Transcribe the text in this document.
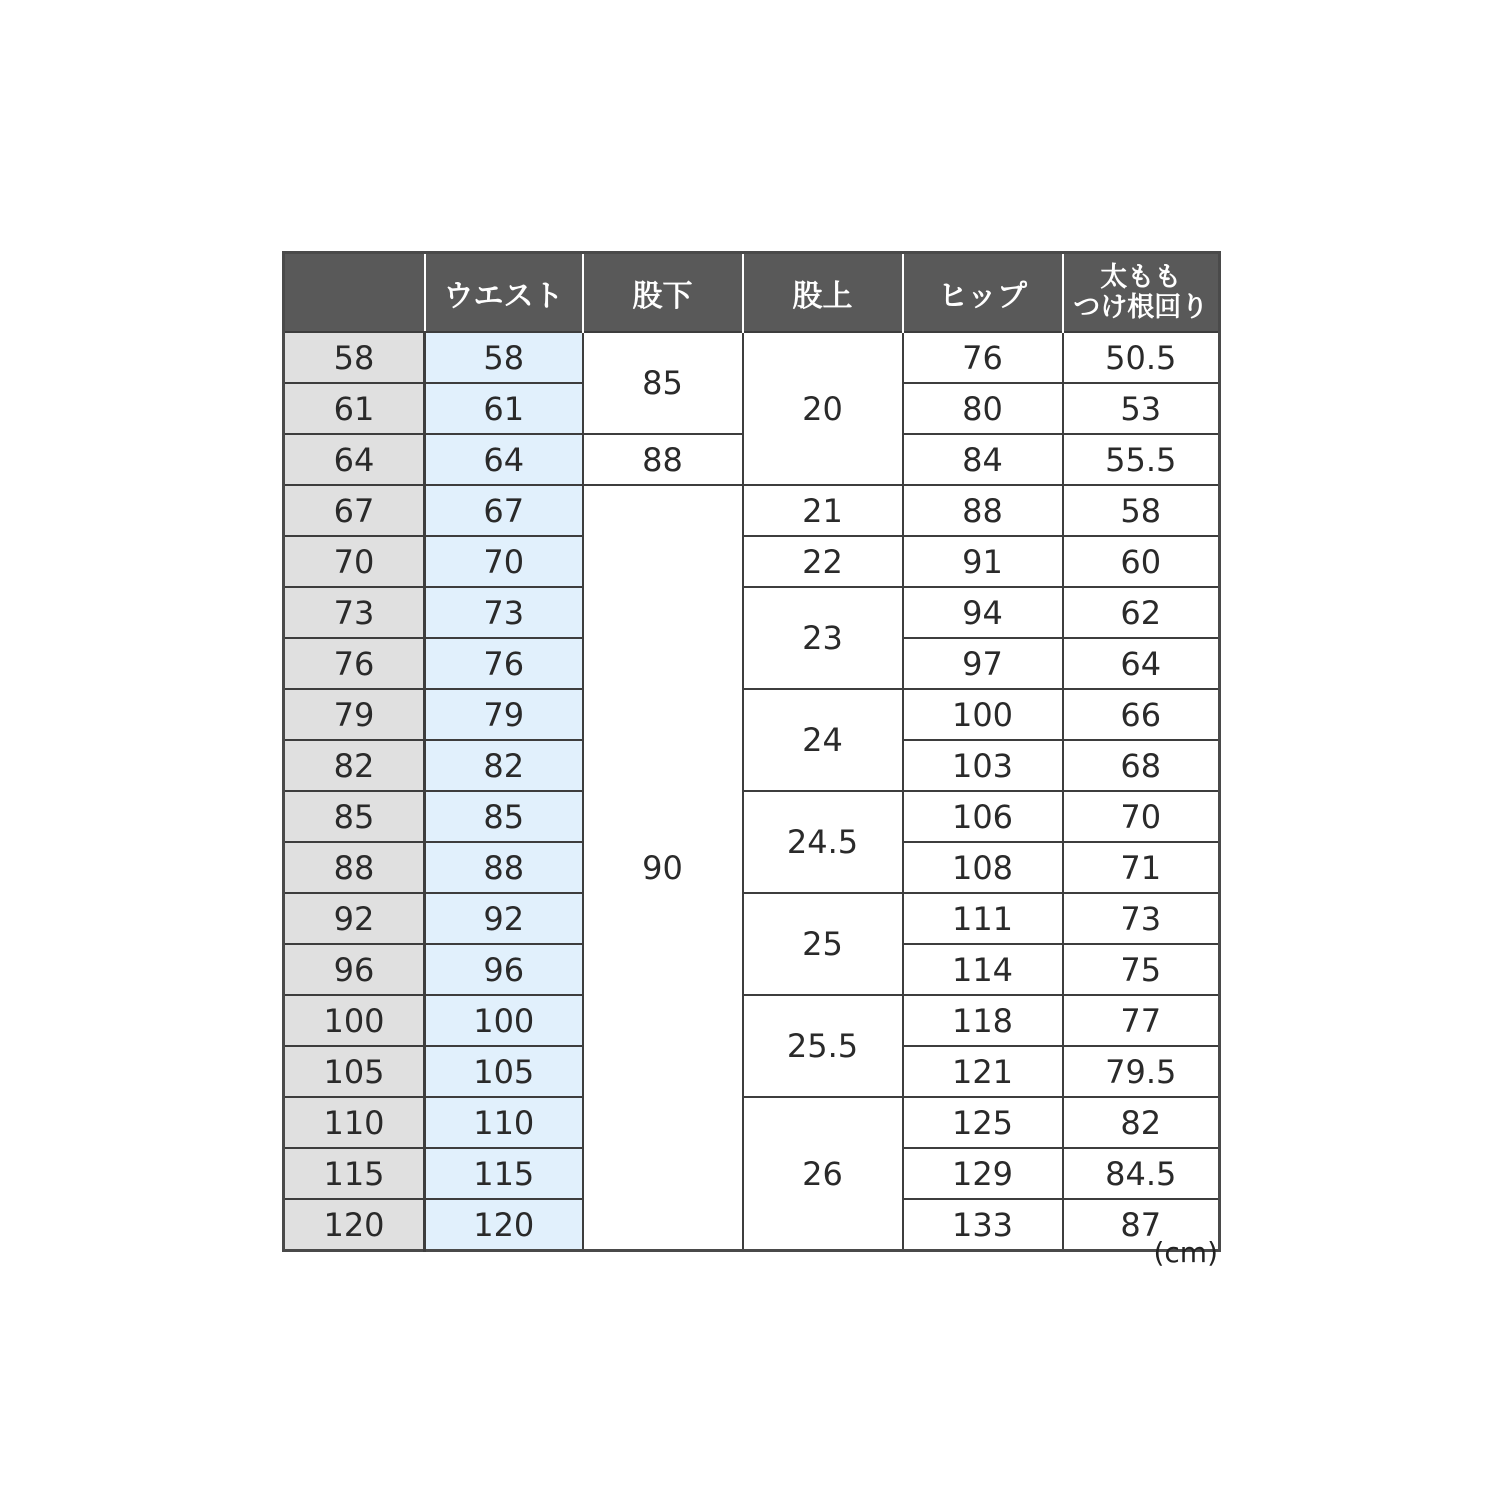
	ウエスト	股下	股上	ヒップ	太もも
つけ根回り
58	58	85	20	76	50.5
61	61			80	53
64	64	88		84	55.5
67	67	90	21	88	58
70	70		22	91	60
73	73		23	94	62
76	76			97	64
79	79		24	100	66
82	82			103	68
85	85		24.5	106	70
88	88			108	71
92	92		25	111	73
96	96			114	75
100	100		25.5	118	77
105	105			121	79.5
110	110		26	125	82
115	115			129	84.5
120	120			133	87
(cm)
